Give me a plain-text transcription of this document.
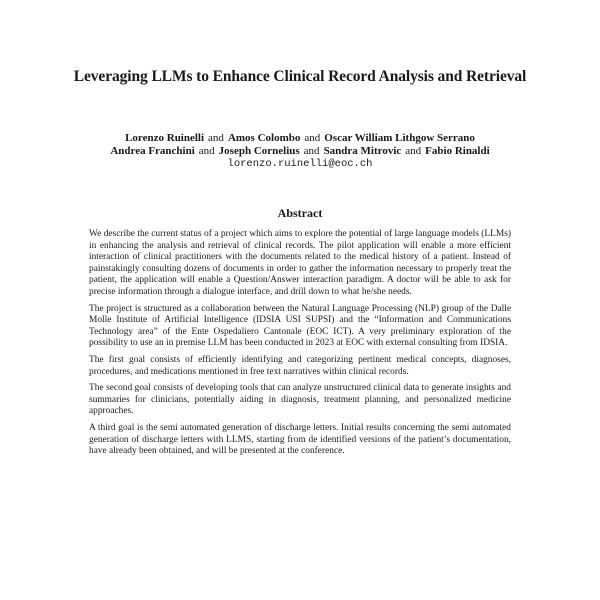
Leveraging LLMs to Enhance Clinical Record Analysis and Retrieval
Lorenzo Ruinelli and Amos Colombo and Oscar William Lithgow Serrano
Andrea Franchini and Joseph Cornelius and Sandra Mitrovic and Fabio Rinaldi
lorenzo.ruinelli@eoc.ch
Abstract

We describe the current status of a project which aims to explore the potential of large language models (LLMs) in enhancing the analysis and retrieval of clinical records. The pilot application will enable a more efficient interaction of clinical practitioners with the documents related to the medical history of a patient. Instead of painstakingly consulting dozens of documents in order to gather the information necessary to properly treat the patient, the application will enable a Question/Answer interaction paradigm. A doctor will be able to ask for precise information through a dialogue interface, and drill down to what he/she needs.

The project is structured as a collaboration between the Natural Language Processing (NLP) group of the Dalle Molle Institute of Artificial Intelligence (IDSIA USI SUPSI) and the “Information and Communications Technology area” of the Ente Ospedaliero Cantonale (EOC ICT). A very preliminary exploration of the possibility to use an in premise LLM has been conducted in 2023 at EOC with external consulting from IDSIA.

The first goal consists of efficiently identifying and categorizing pertinent medical concepts, diagnoses, procedures, and medications mentioned in free text narratives within clinical records.

The second goal consists of developing tools that can analyze unstructured clinical data to generate insights and summaries for clinicians, potentially aiding in diagnosis, treatment planning, and personalized medicine approaches.

A third goal is the semi automated generation of discharge letters. Initial results concerning the semi automated generation of discharge letters with LLMS, starting from de identified versions of the patient’s documentation, have already been obtained, and will be presented at the conference.
